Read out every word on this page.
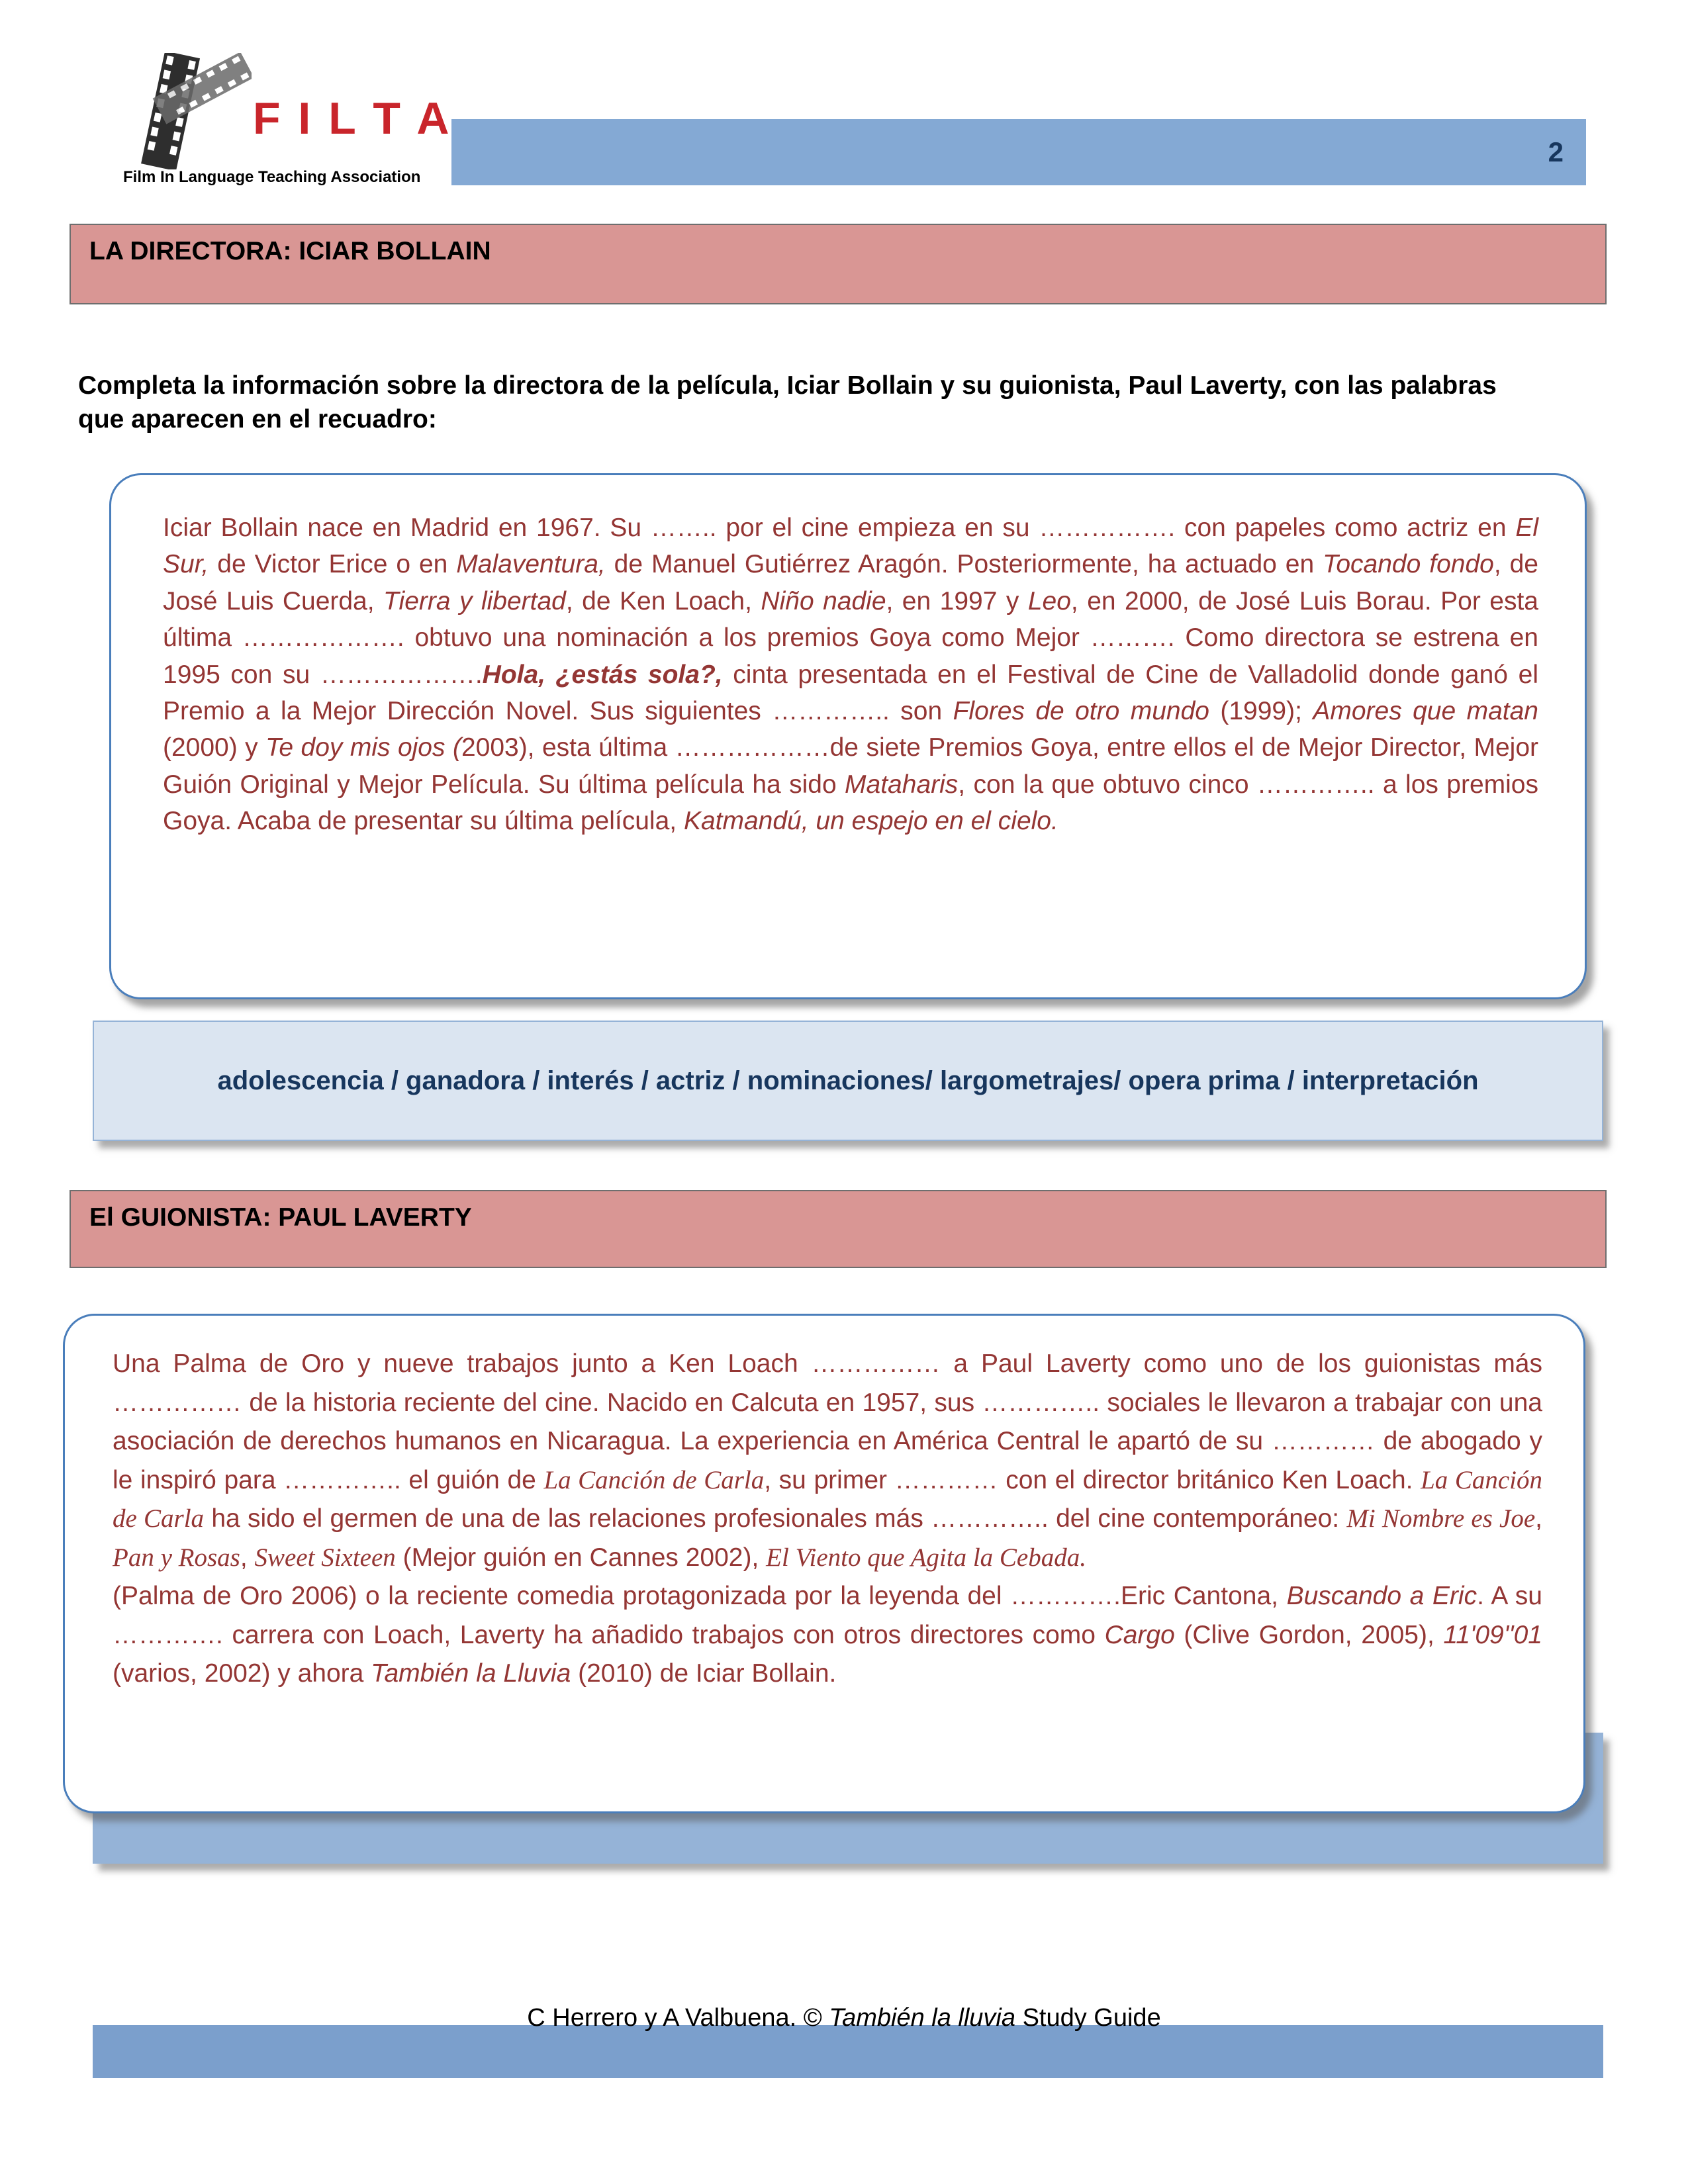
2
F I L T A
Film In Language Teaching Association
LA DIRECTORA: ICIAR BOLLAIN

Completa la información sobre la directora de la película, Iciar Bollain y su guionista, Paul Laverty, con las palabras que aparecen en el recuadro:

Iciar Bollain nace en Madrid en 1967. Su …….. por el cine empieza en su ……………. con papeles como actriz en El Sur, de Victor Erice o en Malaventura, de Manuel Gutiérrez Aragón. Posteriormente, ha actuado en Tocando fondo, de José Luis Cuerda, Tierra y libertad, de Ken Loach, Niño nadie, en 1997 y Leo, en 2000, de José Luis Borau. Por esta última ………………. obtuvo una nominación a los premios Goya como Mejor ………. Como directora se estrena en 1995 con su ……………….Hola, ¿estás sola?, cinta presentada en el Festival de Cine de Valladolid donde ganó el Premio a la Mejor Dirección Novel. Sus siguientes ………….. son Flores de otro mundo (1999); Amores que matan (2000) y Te doy mis ojos (2003), esta última ………………de siete Premios Goya, entre ellos el de Mejor Director, Mejor Guión Original y Mejor Película. Su última película ha sido Mataharis, con la que obtuvo cinco ………….. a los premios Goya. Acaba de presentar su última película, Katmandú, un espejo en el cielo.

adolescencia / ganadora / interés / actriz / nominaciones/ largometrajes/ opera prima / interpretación
El GUIONISTA: PAUL LAVERTY

Una Palma de Oro y nueve trabajos junto a Ken Loach …………… a Paul Laverty como uno de los guionistas más …………… de la historia reciente del cine. Nacido en Calcuta en 1957, sus ………….. sociales le llevaron a trabajar con una asociación de derechos humanos en Nicaragua. La experiencia en América Central le apartó de su ………… de abogado y le inspiró para ………….. el guión de La Canción de Carla, su primer ………… con el director británico Ken Loach. La Canción de Carla ha sido el germen de una de las relaciones profesionales más ………….. del cine contemporáneo: Mi Nombre es Joe, Pan y Rosas, Sweet Sixteen (Mejor guión en Cannes 2002), El Viento que Agita la Cebada.
(Palma de Oro 2006) o la reciente comedia protagonizada por la leyenda del ………….Eric Cantona, Buscando a Eric. A su …………. carrera con Loach, Laverty ha añadido trabajos con otros directores como Cargo (Clive Gordon, 2005), 11'09''01 (varios, 2002) y ahora También la Lluvia (2010) de Iciar Bollain.

C Herrero y A Valbuena. © También la lluvia Study Guide
